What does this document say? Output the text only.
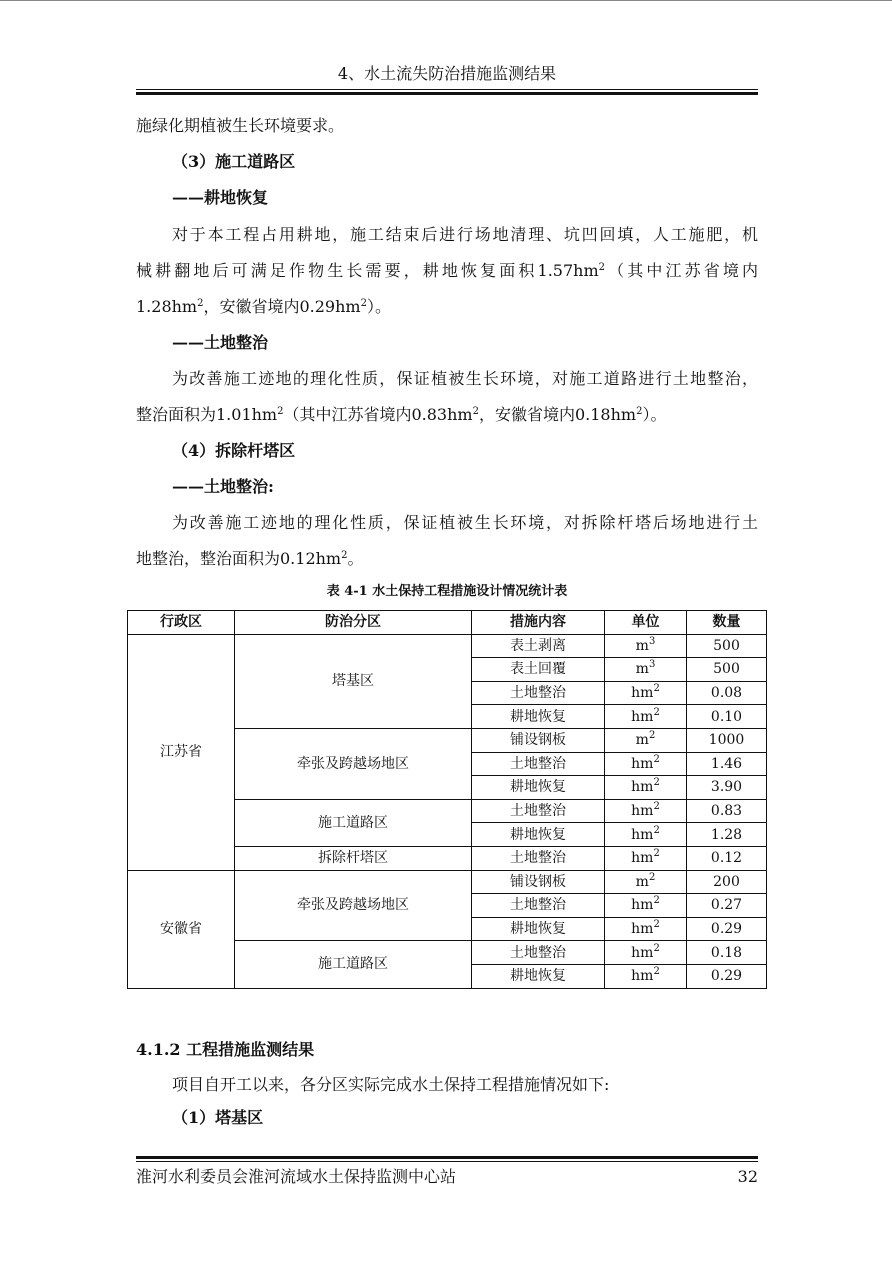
4、水土流失防治措施监测结果
施绿化期植被生长环境要求。
（3）施工道路区
——耕地恢复
对于本工程占用耕地，施工结束后进行场地清理、坑凹回填，人工施肥，机
械耕翻地后可满足作物生长需要，耕地恢复面积$1.57hm^2$（其中江苏省境内
$1.28hm^2$，安徽省境内$0.29hm^2$）。
——土地整治
为改善施工迹地的理化性质，保证植被生长环境，对施工道路进行土地整治，
整治面积为$1.01hm^2$（其中江苏省境内$0.83hm^2$，安徽省境内$0.18hm^2$）。
（4）拆除杆塔区
——土地整治:
为改善施工迹地的理化性质，保证植被生长环境，对拆除杆塔后场地进行土
地整治，整治面积为$0.12hm^2$。
表 4-1 水土保持工程措施设计情况统计表
行政区	防治分区	措施内容	单位	数量
江苏省	塔基区	表土剥离	$m^3$	500
		表土回覆	$m^3$	500
		土地整治	$hm^2$	0.08
		耕地恢复	$hm^2$	0.10
	牵张及跨越场地区	铺设钢板	$m^2$	1000
		土地整治	$hm^2$	1.46
		耕地恢复	$hm^2$	3.90
	施工道路区	土地整治	$hm^2$	0.83
		耕地恢复	$hm^2$	1.28
	拆除杆塔区	土地整治	$hm^2$	0.12
安徽省	牵张及跨越场地区	铺设钢板	$m^2$	200
		土地整治	$hm^2$	0.27
		耕地恢复	$hm^2$	0.29
	施工道路区	土地整治	$hm^2$	0.18
		耕地恢复	$hm^2$	0.29
4.1.2 工程措施监测结果
项目自开工以来，各分区实际完成水土保持工程措施情况如下:
（1）塔基区
淮河水利委员会淮河流域水土保持监测中心站	32
